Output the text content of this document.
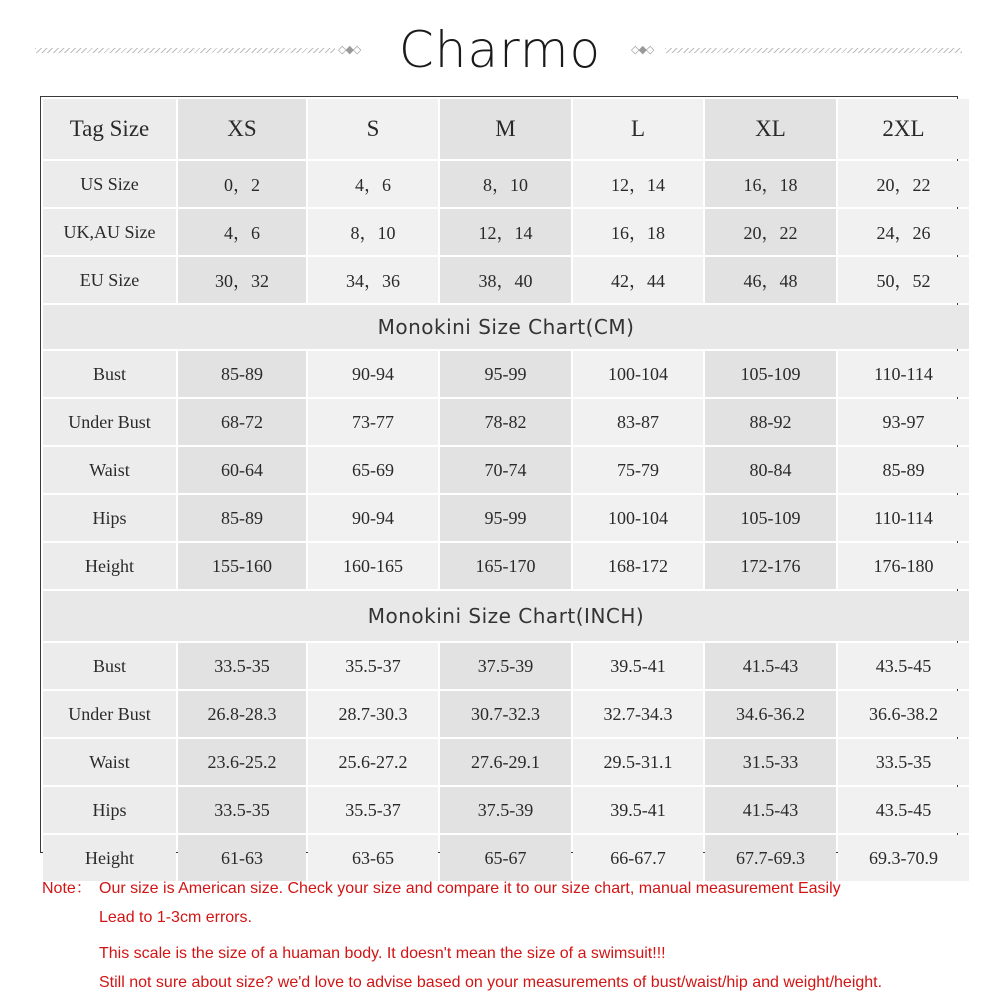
◇◆◇ Charmo	◇◆◇
Tag Size	XS	S	M	L	XL	2XL
US Size	0，2	4，6	8，10	12，14	16，18	20，22
UK,AU Size	4，6	8，10	12，14	16，18	20，22	24，26
EU Size	30，32	34，36	38，40	42，44	46，48	50，52
Monokini Size Chart(CM)
Bust	85-89	90-94	95-99	100-104	105-109	110-114
Under Bust	68-72	73-77	78-82	83-87	88-92	93-97
Waist	60-64	65-69	70-74	75-79	80-84	85-89
Hips	85-89	90-94	95-99	100-104	105-109	110-114
Height	155-160	160-165	165-170	168-172	172-176	176-180
Monokini Size Chart(INCH)
Bust	33.5-35	35.5-37	37.5-39	39.5-41	41.5-43	43.5-45
Under Bust	26.8-28.3	28.7-30.3	30.7-32.3	32.7-34.3	34.6-36.2	36.6-38.2
Waist	23.6-25.2	25.6-27.2	27.6-29.1	29.5-31.1	31.5-33	33.5-35
Hips	33.5-35	35.5-37	37.5-39	39.5-41	41.5-43	43.5-45
Height	61-63	63-65	65-67	66-67.7	67.7-69.3	69.3-70.9
Note： Our size is American size. Check your size and compare it to our size chart, manual measurement Easily
Lead to 1-3cm errors.
This scale is the size of a huaman body. It doesn't mean the size of a swimsuit!!!
Still not sure about size? we'd love to advise based on your measurements of bust/waist/hip and weight/height.
